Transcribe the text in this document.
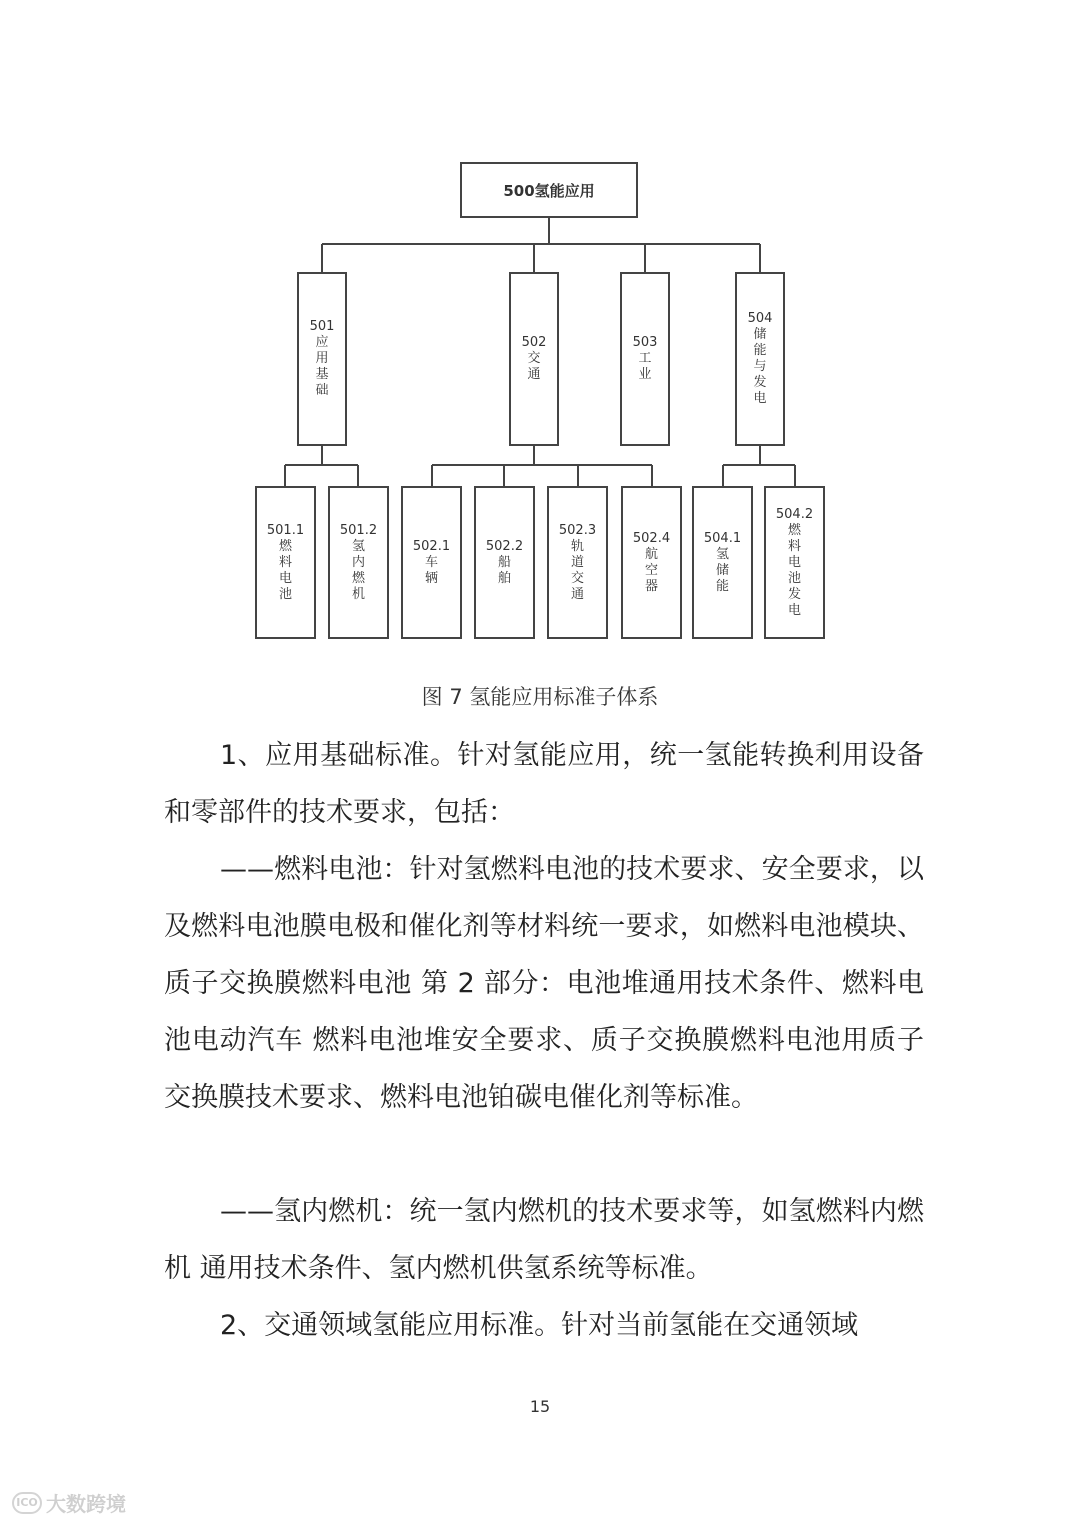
500氢能应用
501
应
用
基
础
502
交
通
503
工
业
504
储
能
与
发
电
501.1
燃
料
电
池
501.2
氢
内
燃
机
502.1
车
辆
502.2
船
舶
502.3
轨
道
交
通
502.4
航
空
器
504.1
氢
储
能
504.2
燃
料
电
池
发
电
图 7 氢能应用标准子体系

1、应用基础标准。针对氢能应用，统一氢能转换利用设备和零部件的技术要求，包括：

——燃料电池：针对氢燃料电池的技术要求、安全要求，以及燃料电池膜电极和催化剂等材料统一要求，如燃料电池模块、质子交换膜燃料电池 第 2 部分：电池堆通用技术条件、燃料电池电动汽车 燃料电池堆安全要求、质子交换膜燃料电池用质子交换膜技术要求、燃料电池铂碳电催化剂等标准。

——氢内燃机：统一氢内燃机的技术要求等，如氢燃料内燃机 通用技术条件、氢内燃机供氢系统等标准。

2、交通领域氢能应用标准。针对当前氢能在交通领域

15
ICO 大数跨境
